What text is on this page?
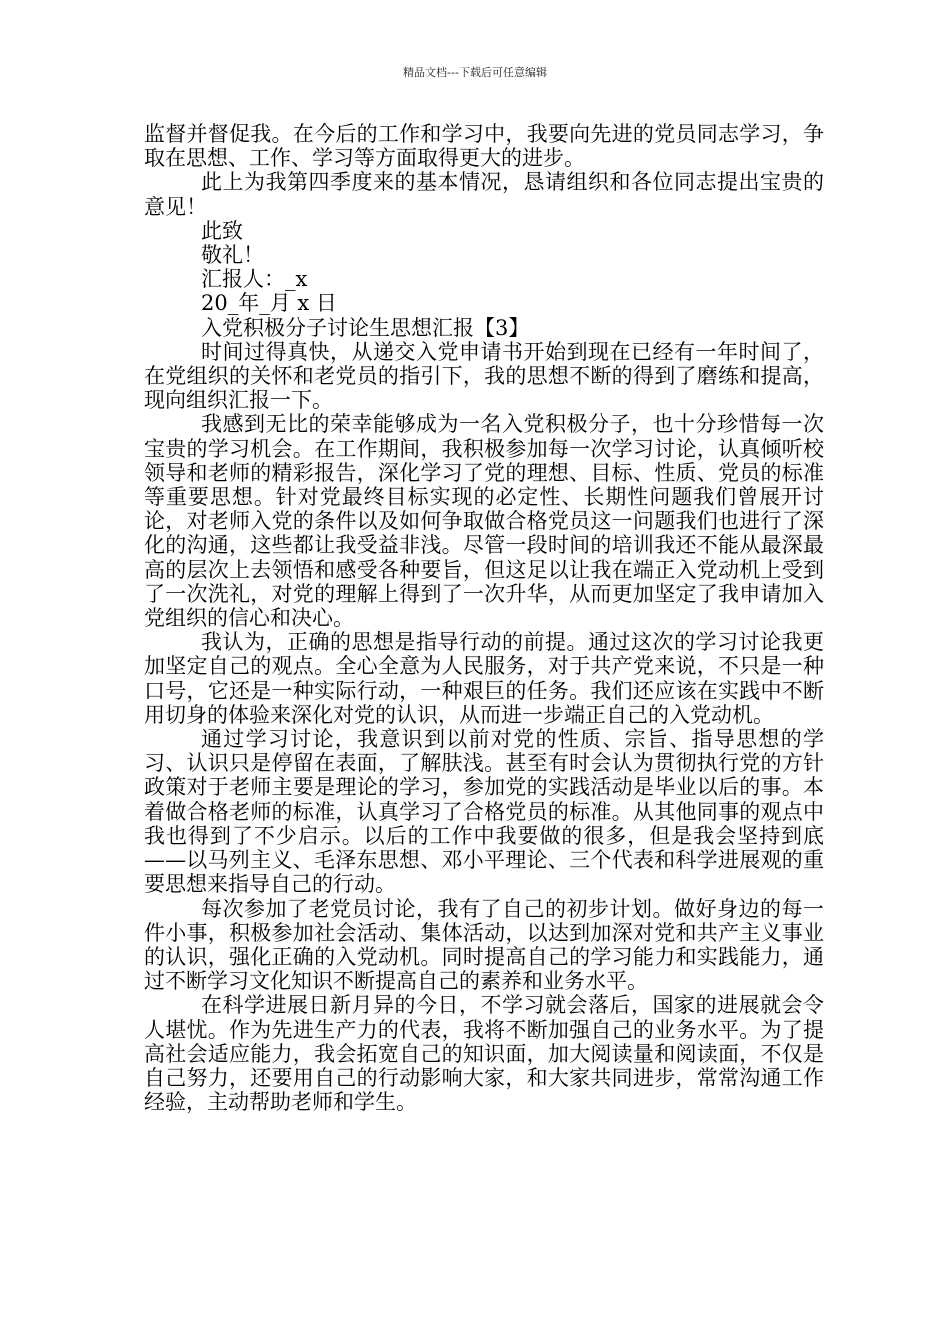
精品文档---下载后可任意编辑

监督并督促我。在今后的工作和学习中，我要向先进的党员同志学习，争取在思想、工作、学习等方面取得更大的进步。

此上为我第四季度来的基本情况，恳请组织和各位同志提出宝贵的意见！

此致

敬礼！

汇报人：_x

20_年_月 x 日

入党积极分子讨论生思想汇报【3】

时间过得真快，从递交入党申请书开始到现在已经有一年时间了，在党组织的关怀和老党员的指引下，我的思想不断的得到了磨练和提高，现向组织汇报一下。

我感到无比的荣幸能够成为一名入党积极分子，也十分珍惜每一次宝贵的学习机会。在工作期间，我积极参加每一次学习讨论，认真倾听校领导和老师的精彩报告，深化学习了党的理想、目标、性质、党员的标准等重要思想。针对党最终目标实现的必定性、长期性问题我们曾展开讨论，对老师入党的条件以及如何争取做合格党员这一问题我们也进行了深化的沟通，这些都让我受益非浅。尽管一段时间的培训我还不能从最深最高的层次上去领悟和感受各种要旨，但这足以让我在端正入党动机上受到了一次洗礼，对党的理解上得到了一次升华，从而更加坚定了我申请加入党组织的信心和决心。

我认为，正确的思想是指导行动的前提。通过这次的学习讨论我更加坚定自己的观点。全心全意为人民服务，对于共产党来说，不只是一种口号，它还是一种实际行动，一种艰巨的任务。我们还应该在实践中不断用切身的体验来深化对党的认识，从而进一步端正自己的入党动机。

通过学习讨论，我意识到以前对党的性质、宗旨、指导思想的学习、认识只是停留在表面，了解肤浅。甚至有时会认为贯彻执行党的方针政策对于老师主要是理论的学习，参加党的实践活动是毕业以后的事。本着做合格老师的标准，认真学习了合格党员的标准。从其他同事的观点中我也得到了不少启示。以后的工作中我要做的很多，但是我会坚持到底——以马列主义、毛泽东思想、邓小平理论、三个代表和科学进展观的重要思想来指导自己的行动。

每次参加了老党员讨论，我有了自己的初步计划。做好身边的每一件小事，积极参加社会活动、集体活动，以达到加深对党和共产主义事业的认识，强化正确的入党动机。同时提高自己的学习能力和实践能力，通过不断学习文化知识不断提高自己的素养和业务水平。

在科学进展日新月异的今日，不学习就会落后，国家的进展就会令人堪忧。作为先进生产力的代表，我将不断加强自己的业务水平。为了提高社会适应能力，我会拓宽自己的知识面，加大阅读量和阅读面，不仅是自己努力，还要用自己的行动影响大家，和大家共同进步，常常沟通工作经验，主动帮助老师和学生。
